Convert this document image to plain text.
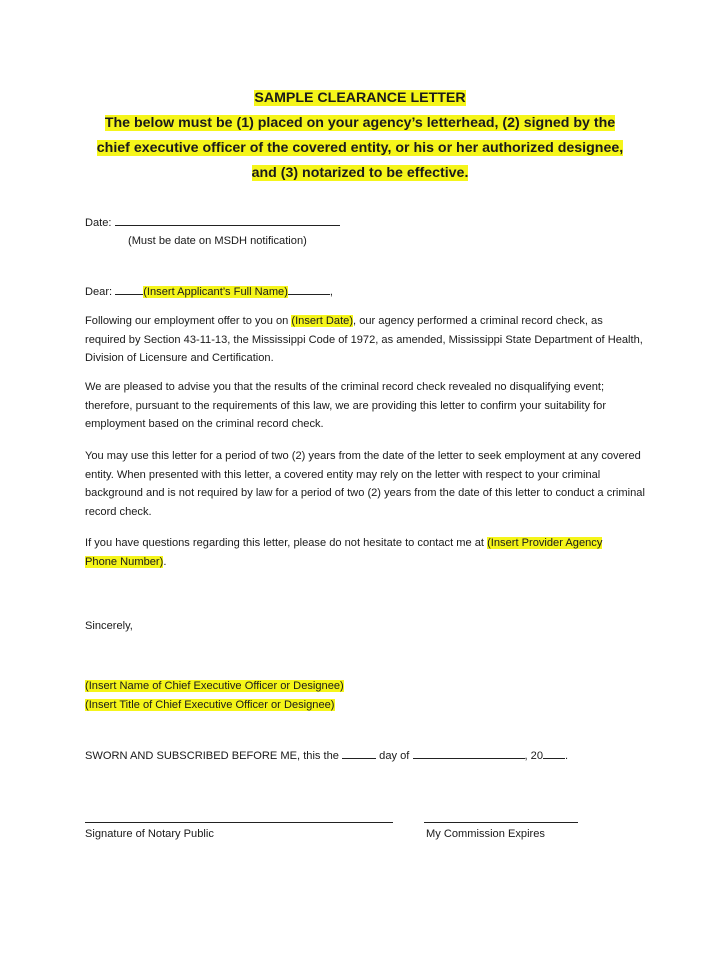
SAMPLE CLEARANCE LETTER
The below must be (1) placed on your agency’s letterhead, (2) signed by the
chief executive officer of the covered entity, or his or her authorized designee,
and (3) notarized to be effective.
Date:
(Must be date on MSDH notification)
Dear:	(Insert Applicant’s Full Name)	,
Following our employment offer to you on (Insert Date), our agency performed a criminal record check, as required by Section 43-11-13, the Mississippi Code of 1972, as amended, Mississippi State Department of Health, Division of Licensure and Certification.
We are pleased to advise you that the results of the criminal record check revealed no disqualifying event; therefore, pursuant to the requirements of this law, we are providing this letter to confirm your suitability for employment based on the criminal record check.
You may use this letter for a period of two (2) years from the date of the letter to seek employment at any covered entity. When presented with this letter, a covered entity may rely on the letter with respect to your criminal background and is not required by law for a period of two (2) years from the date of this letter to conduct a criminal record check.
If you have questions regarding this letter, please do not hesitate to contact me at (Insert Provider Agency Phone Number).
Sincerely,
(Insert Name of Chief Executive Officer or Designee)
(Insert Title of Chief Executive Officer or Designee)
SWORN AND SUBSCRIBED BEFORE ME, this the	day of	, 20 .
Signature of Notary Public	My Commission Expires
